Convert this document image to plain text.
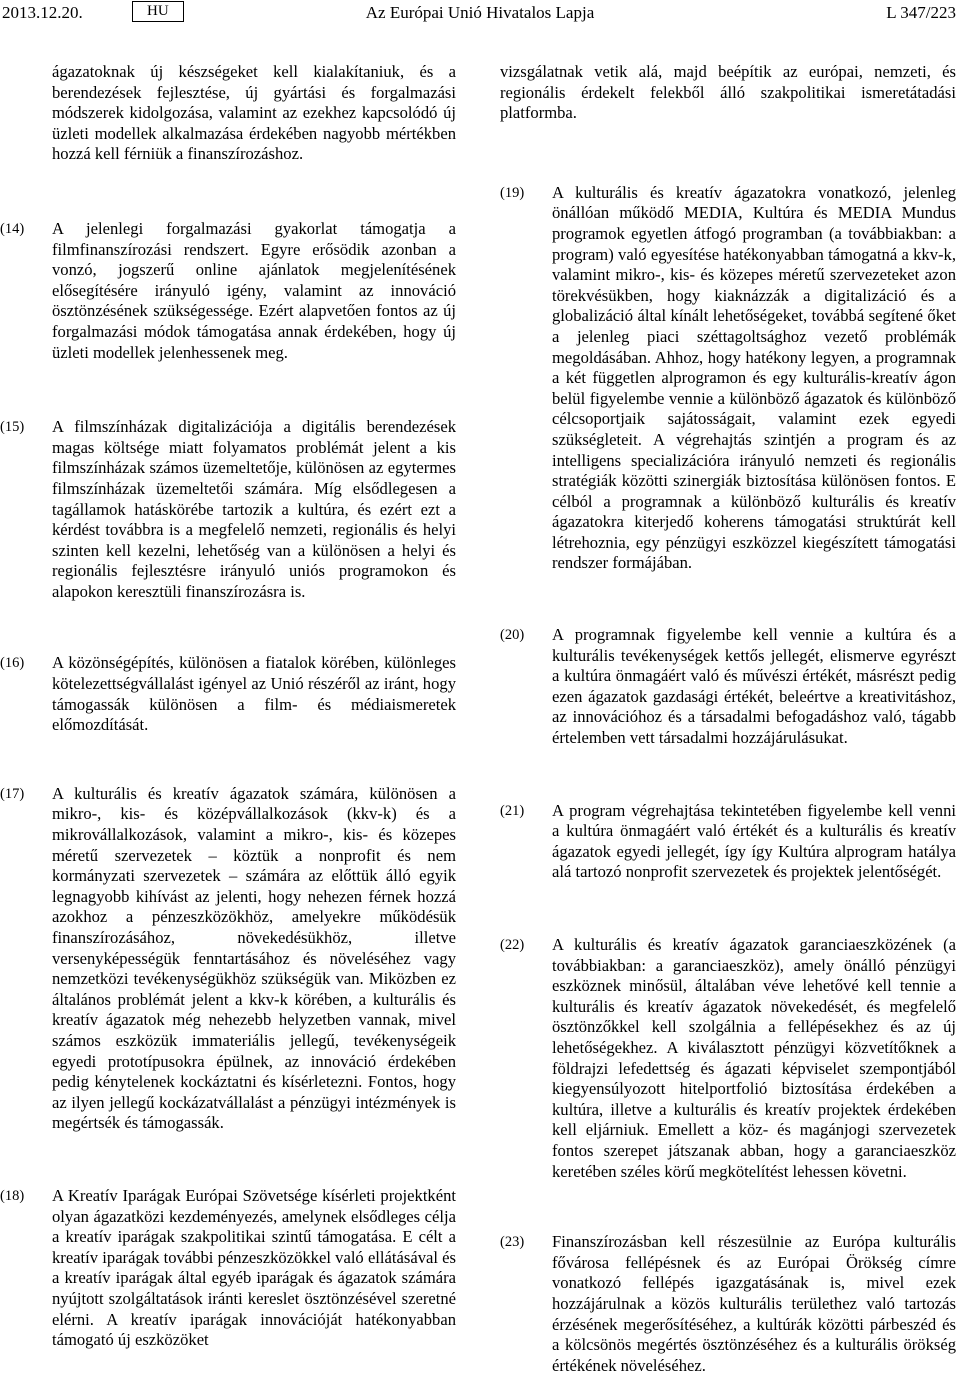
2013.12.20.	HU	Az Európai Unió Hivatalos Lapja	L 347/223
ágazatoknak új készségeket kell kialakítaniuk, és a berendezések fejlesztése, új gyártási és forgalmazási módszerek kidolgozása, valamint az ezekhez kapcsolódó új üzleti modellek alkalmazása érdekében nagyobb mértékben hozzá kell férniük a finanszírozáshoz.
(14)	A jelenlegi forgalmazási gyakorlat támogatja a filmfinanszírozási rendszert. Egyre erősödik azonban a vonzó, jogszerű online ajánlatok megjelenítésének elősegítésére irányuló igény, valamint az innováció ösztönzésének szükségessége. Ezért alapvetően fontos az új forgalmazási módok támogatása annak érdekében, hogy új üzleti modellek jelenhessenek meg.
(15)	A filmszínházak digitalizációja a digitális berendezések magas költsége miatt folyamatos problémát jelent a kis filmszínházak számos üzemeltetője, különösen az egytermes filmszínházak üzemeltetői számára. Míg elsődlegesen a tagállamok hatáskörébe tartozik a kultúra, és ezért ezt a kérdést továbbra is a megfelelő nemzeti, regionális és helyi szinten kell kezelni, lehetőség van a különösen a helyi és regionális fejlesztésre irányuló uniós programokon és alapokon keresztüli finanszírozásra is.
(16)	A közönségépítés, különösen a fiatalok körében, különleges kötelezettségvállalást igényel az Unió részéről az iránt, hogy támogassák különösen a film- és médiaismeretek előmozdítását.
(17)	A kulturális és kreatív ágazatok számára, különösen a mikro-, kis- és középvállalkozások (kkv-k) és a mikrovállalkozások, valamint a mikro-, kis- és közepes méretű szervezetek – köztük a nonprofit és nem kormányzati szervezetek – számára az előttük álló egyik legnagyobb kihívást az jelenti, hogy nehezen férnek hozzá azokhoz a pénzeszközökhöz, amelyekre működésük finanszírozásához, növekedésükhöz, illetve versenyképességük fenntartásához és növeléséhez vagy nemzetközi tevékenységükhöz szükségük van. Miközben ez általános problémát jelent a kkv-k körében, a kulturális és kreatív ágazatok még nehezebb helyzetben vannak, mivel számos eszközük immateriális jellegű, tevékenységeik egyedi prototípusokra épülnek, az innováció érdekében pedig kénytelenek kockáztatni és kísérletezni. Fontos, hogy az ilyen jellegű kockázatvállalást a pénzügyi intézmények is megértsék és támogassák.
(18)	A Kreatív Iparágak Európai Szövetsége kísérleti projektként olyan ágazatközi kezdeményezés, amelynek elsődleges célja a kreatív iparágak szakpolitikai szintű támogatása. E célt a kreatív iparágak további pénzeszközökkel való ellátásával és a kreatív iparágak által egyéb iparágak és ágazatok számára nyújtott szolgáltatások iránti kereslet ösztönzésével szeretné elérni. A kreatív iparágak innovációját hatékonyabban támogató új eszközöket
vizsgálatnak vetik alá, majd beépítik az európai, nemzeti, és regionális érdekelt felekből álló szakpolitikai ismeretátadási platformba.
(19)	A kulturális és kreatív ágazatokra vonatkozó, jelenleg önállóan működő MEDIA, Kultúra és MEDIA Mundus programok egyetlen átfogó programban (a továbbiakban: a program) való egyesítése hatékonyabban támogatná a kkv-k, valamint mikro-, kis- és közepes méretű szervezeteket azon törekvésükben, hogy kiaknázzák a digitalizáció és a globalizáció által kínált lehetőségeket, továbbá segítené őket a jelenleg piaci széttagoltsághoz vezető problémák megoldásában. Ahhoz, hogy hatékony legyen, a programnak a két független alprogramon és egy kulturális-kreatív ágon belül figyelembe vennie a különböző ágazatok és különböző célcsoportjaik sajátosságait, valamint ezek egyedi szükségleteit. A végrehajtás szintjén a program és az intelligens specializációra irányuló nemzeti és regionális stratégiák közötti szinergiák biztosítása különösen fontos. E célból a programnak a különböző kulturális és kreatív ágazatokra kiterjedő koherens támogatási struktúrát kell létrehoznia, egy pénzügyi eszközzel kiegészített támogatási rendszer formájában.
(20)	A programnak figyelembe kell vennie a kultúra és a kulturális tevékenységek kettős jellegét, elismerve egyrészt a kultúra önmagáért való és művészi értékét, másrészt pedig ezen ágazatok gazdasági értékét, beleértve a kreativitáshoz, az innovációhoz és a társadalmi befogadáshoz való, tágabb értelemben vett társadalmi hozzájárulásukat.
(21)	A program végrehajtása tekintetében figyelembe kell venni a kultúra önmagáért való értékét és a kulturális és kreatív ágazatok egyedi jellegét, így így Kultúra alprogram hatálya alá tartozó nonprofit szervezetek és projektek jelentőségét.
(22)	A kulturális és kreatív ágazatok garanciaeszközének (a továbbiakban: a garanciaeszköz), amely önálló pénzügyi eszköznek minősül, általában véve lehetővé kell tennie a kulturális és kreatív ágazatok növekedését, és megfelelő ösztönzőkkel kell szolgálnia a fellépésekhez és az új lehetőségekhez. A kiválasztott pénzügyi közvetítőknek a földrajzi lefedettség és ágazati képviselet szempontjából kiegyensúlyozott hitelportfolió biztosítása érdekében a kultúra, illetve a kulturális és kreatív projektek érdekében kell eljárniuk. Emellett a köz- és magánjogi szervezetek fontos szerepet játszanak abban, hogy a garanciaeszköz keretében széles körű megkötelítést lehessen követni.
(23)	Finanszírozásban kell részesülnie az Európa kulturális fővárosa fellépésnek és az Európai Örökség címre vonatkozó fellépés igazgatásának is, mivel ezek hozzájárulnak a közös kulturális területhez való tartozás érzésének megerősítéséhez, a kultúrák közötti párbeszéd és a kölcsönös megértés ösztönzéséhez és a kulturális örökség értékének növeléséhez.
